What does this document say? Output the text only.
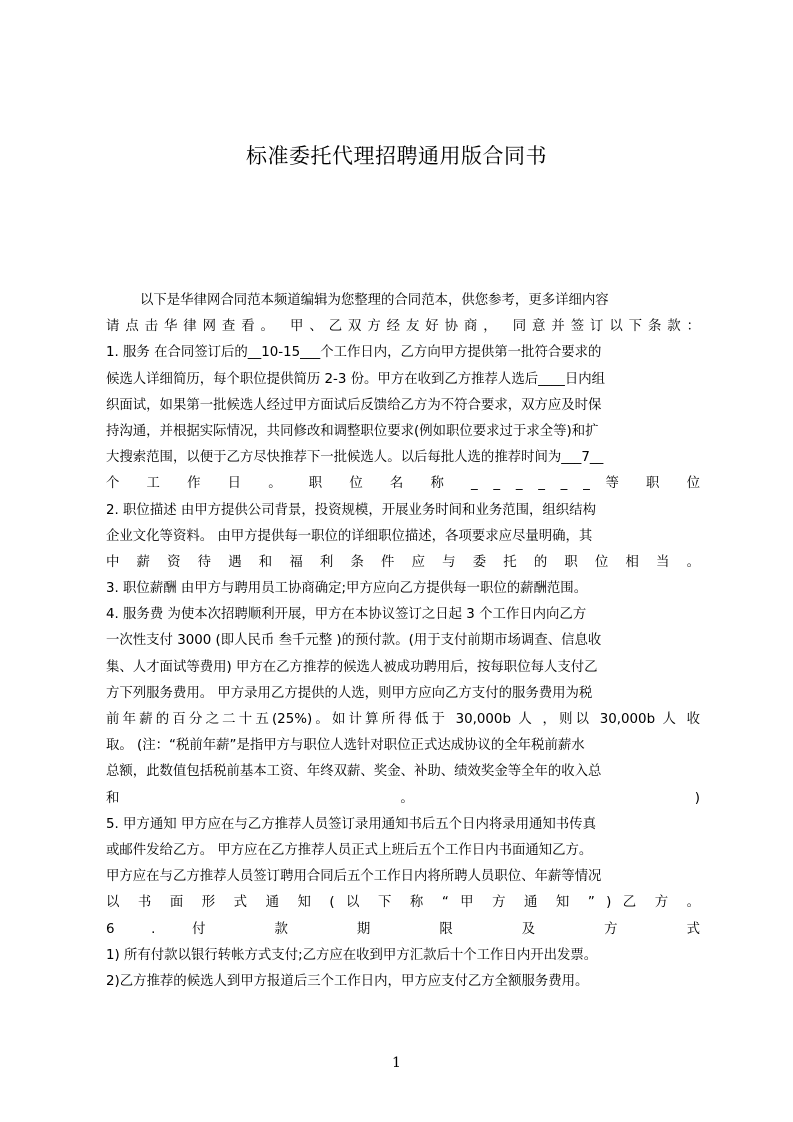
标准委托代理招聘通用版合同书
以下是华律网合同范本频道编辑为您整理的合同范本，供您参考，更多详细内容
请点击华律网查看。 甲、乙双方经友好协商， 同意并签订以下条款：
1. 服务 在合同签订后的__10-15___个工作日内，乙方向甲方提供第一批符合要求的
候选人详细简历，每个职位提供简历 2-3 份。甲方在收到乙方推荐人选后____日内组
织面试，如果第一批候选人经过甲方面试后反馈给乙方为不符合要求，双方应及时保
持沟通，并根据实际情况，共同修改和调整职位要求(例如职位要求过于求全等)和扩
大搜索范围，以便于乙方尽快推荐下一批候选人。以后每批人选的推荐时间为___7__
个 工 作 日 。 职 位 名 称 _ _ _ _ _ _ 等 职 位
2. 职位描述 由甲方提供公司背景，投资规模，开展业务时间和业务范围，组织结构
企业文化等资料。 由甲方提供每一职位的详细职位描述，各项要求应尽量明确，其
中 薪 资 待 遇 和 福 利 条 件 应 与 委 托 的 职 位 相 当 。
3. 职位薪酬 由甲方与聘用员工协商确定;甲方应向乙方提供每一职位的薪酬范围。
4. 服务费 为使本次招聘顺利开展，甲方在本协议签订之日起 3 个工作日内向乙方
一次性支付 3000 (即人民币 叁千元整 )的预付款。(用于支付前期市场调查、信息收
集、人才面试等费用) 甲方在乙方推荐的候选人被成功聘用后，按每职位每人支付乙
方下列服务费用。 甲方录用乙方提供的人选，则甲方应向乙方支付的服务费用为税
前年薪的百分之二十五(25%)。如计算所得低于 30,000b 人 ，则以 30,000b 人 收
取。 (注：“税前年薪”是指甲方与职位人选针对职位正式达成协议的全年税前薪水
总额，此数值包括税前基本工资、年终双薪、奖金、补助、绩效奖金等全年的收入总
和 。 )
5. 甲方通知 甲方应在与乙方推荐人员签订录用通知书后五个日内将录用通知书传真
或邮件发给乙方。 甲方应在乙方推荐人员正式上班后五个工作日内书面通知乙方。
甲方应在与乙方推荐人员签订聘用合同后五个工作日内将所聘人员职位、年薪等情况
以 书 面 形 式 通 知 ( 以 下 称 “ 甲 方 通 知 ” ) 乙 方 。
6 . 付 款 期 限 及 方 式
1) 所有付款以银行转帐方式支付;乙方应在收到甲方汇款后十个工作日内开出发票。
2)乙方推荐的候选人到甲方报道后三个工作日内，甲方应支付乙方全额服务费用。
1
